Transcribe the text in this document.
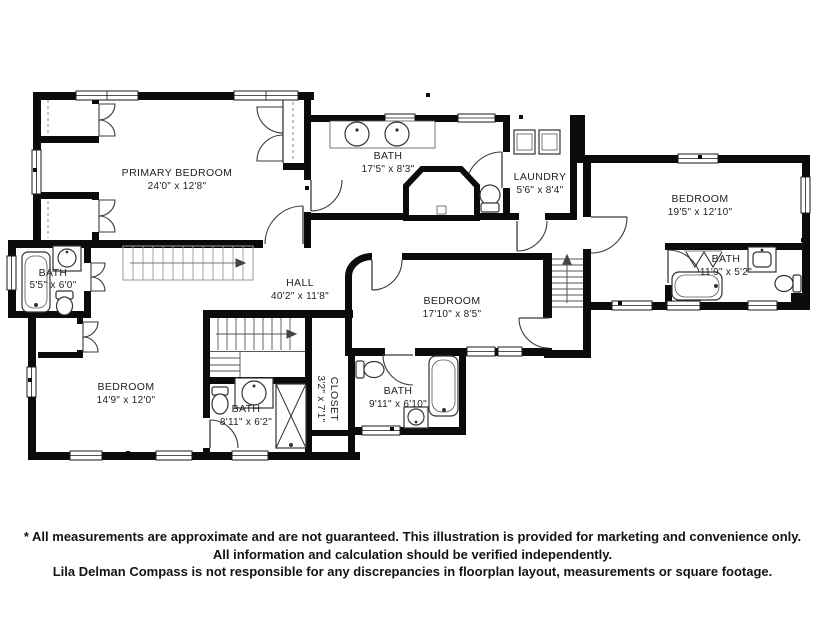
PRIMARY BEDROOM
24'0" x 12'8"
BATH
17'5" x 8'3"
LAUNDRY
5'6" x 8'4"
BEDROOM
19'5" x 12'10"
BATH
11'9" x 5'2"
HALL
40'2" x 11'8"	BEDROOM
17'10" x 8'5"
BATH
5'5" x 6'0"
BEDROOM
14'9" x 12'0"
BATH
8'11" x 6'2"
BATH
9'11" x 6'10"
CLOSET
3'2" x 7'1"
* All measurements are approximate and are not guaranteed. This illustration is provided for marketing and convenience only.
All information and calculation should be verified independently.
Lila Delman Compass is not responsible for any discrepancies in floorplan layout, measurements or square footage.
